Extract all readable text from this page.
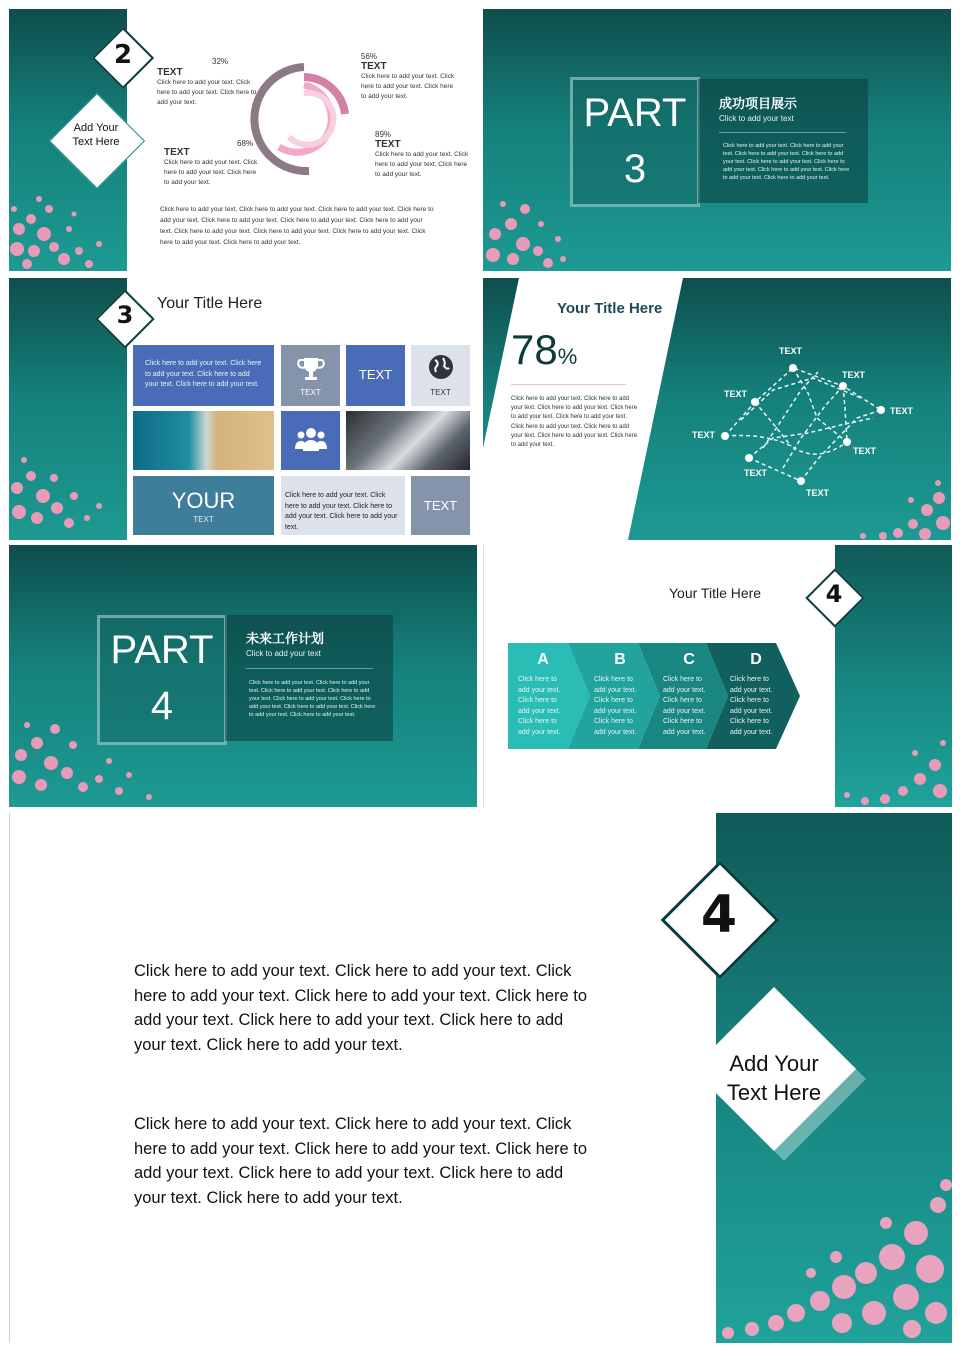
2
Add Your
Text Here
32%
TEXT
Click here to add your text. Click here to add your text. Click here to add your text.
56%
TEXT
Click here to add your text. Click here to add your text. Click here to add your text.
68%
TEXT
Click here to add your text. Click here to add your text. Click here to add your text.
89%
TEXT
Click here to add your text. Click here to add your text. Click here to add your text.
Click here to add your text. Click here to add your text. Click here to add your text. Click here to add your text. Click here to add your text. Click here to add your text. Click here to add your text. Click here to add your text. Click here to add your text. Click here to add your text. Click here to add your text. Click here to add your text.
PART
3
成功项目展示
Click to add your text
Click here to add your text. Click here to add your text. Click here to add your text. Click here to add your text. Click here to add your text. Click here to add your text. Click here to add your text. Click here to add your text. Click here to add your text.
3	Your Title Here
Click here to add your text. Click here to add your text. Click here to add your text. Click here to add your text.
TEXT
TEXT
TEXT
YOUR
TEXT
Click here to add your text. Click here to add your text. Click here to add your text. Click here to add your text.
TEXT
Your Title Here
78%
Click here to add your text. Click here to add your text. Click here to add your text. Click here to add your text. Click here to add your text. Click here to add your text. Click here to add your text. Click here to add your text. Click here to add your text.
TEXT
TEXT
TEXT
TEXT
TEXT
TEXT
TEXT
TEXT
PART
4
未来工作计划
Click to add your text
Click here to add your text. Click here to add your text. Click here to add your text. Click here to add your text. Click here to add your text. Click here to add your text. Click here to add your text. Click here to add your text. Click here to add your text.
Your Title Here	4
A
Click here to add your text. Click here to add your text. Click here to add your text.
B
Click here to add your text. Click here to add your text. Click here to add your text.
C
Click here to add your text. Click here to add your text. Click here to add your text.
D
Click here to add your text. Click here to add your text. Click here to add your text.
4
Add Your
Text Here
Click here to add your text. Click here to add your text. Click here to add your text. Click here to add your text. Click here to add your text. Click here to add your text. Click here to add your text. Click here to add your text.
Click here to add your text. Click here to add your text. Click here to add your text. Click here to add your text. Click here to add your text. Click here to add your text. Click here to add your text. Click here to add your text.
